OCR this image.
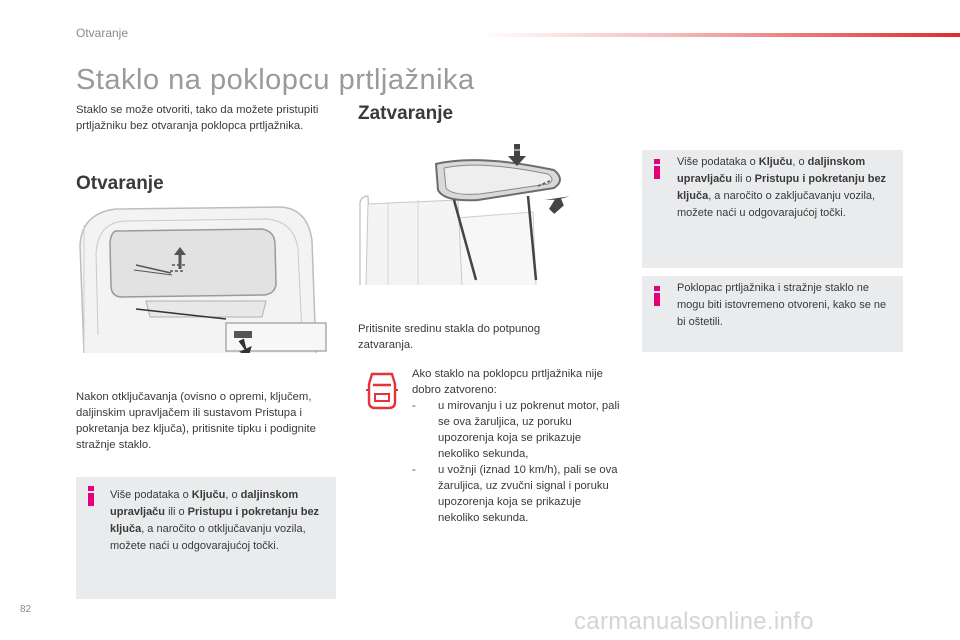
Otvaranje
Staklo na poklopcu prtljažnika
Staklo se može otvoriti, tako da možete pristupiti prtljažniku bez otvaranja poklopca prtljažnika.
Otvaranje
Nakon otključavanja (ovisno o opremi, ključem, daljinskim upravljačem ili sustavom Pristupa i pokretanja bez ključa), pritisnite tipku i podignite stražnje staklo.
Više podataka o Ključu, o daljinskom upravljaču ili o Pristupu i pokretanju bez ključa, a naročito o otključavanju vozila, možete naći u odgovarajućoj točki.
Zatvaranje
Pritisnite sredinu stakla do potpunog zatvaranja.
Ako staklo na poklopcu prtljažnika nije dobro zatvoreno:
- u mirovanju i uz pokrenut motor, pali se ova žaruljica, uz poruku upozorenja koja se prikazuje nekoliko sekunda,
- u vožnji (iznad 10 km/h), pali se ova žaruljica, uz zvučni signal i poruku upozorenja koja se prikazuje nekoliko sekunda.
Više podataka o Ključu, o daljinskom upravljaču ili o Pristupu i pokretanju bez ključa, a naročito o zaključavanju vozila, možete naći u odgovarajućoj točki.
Poklopac prtljažnika i stražnje staklo ne mogu biti istovremeno otvoreni, kako se ne bi oštetili.
82	carmanualsonline.info
